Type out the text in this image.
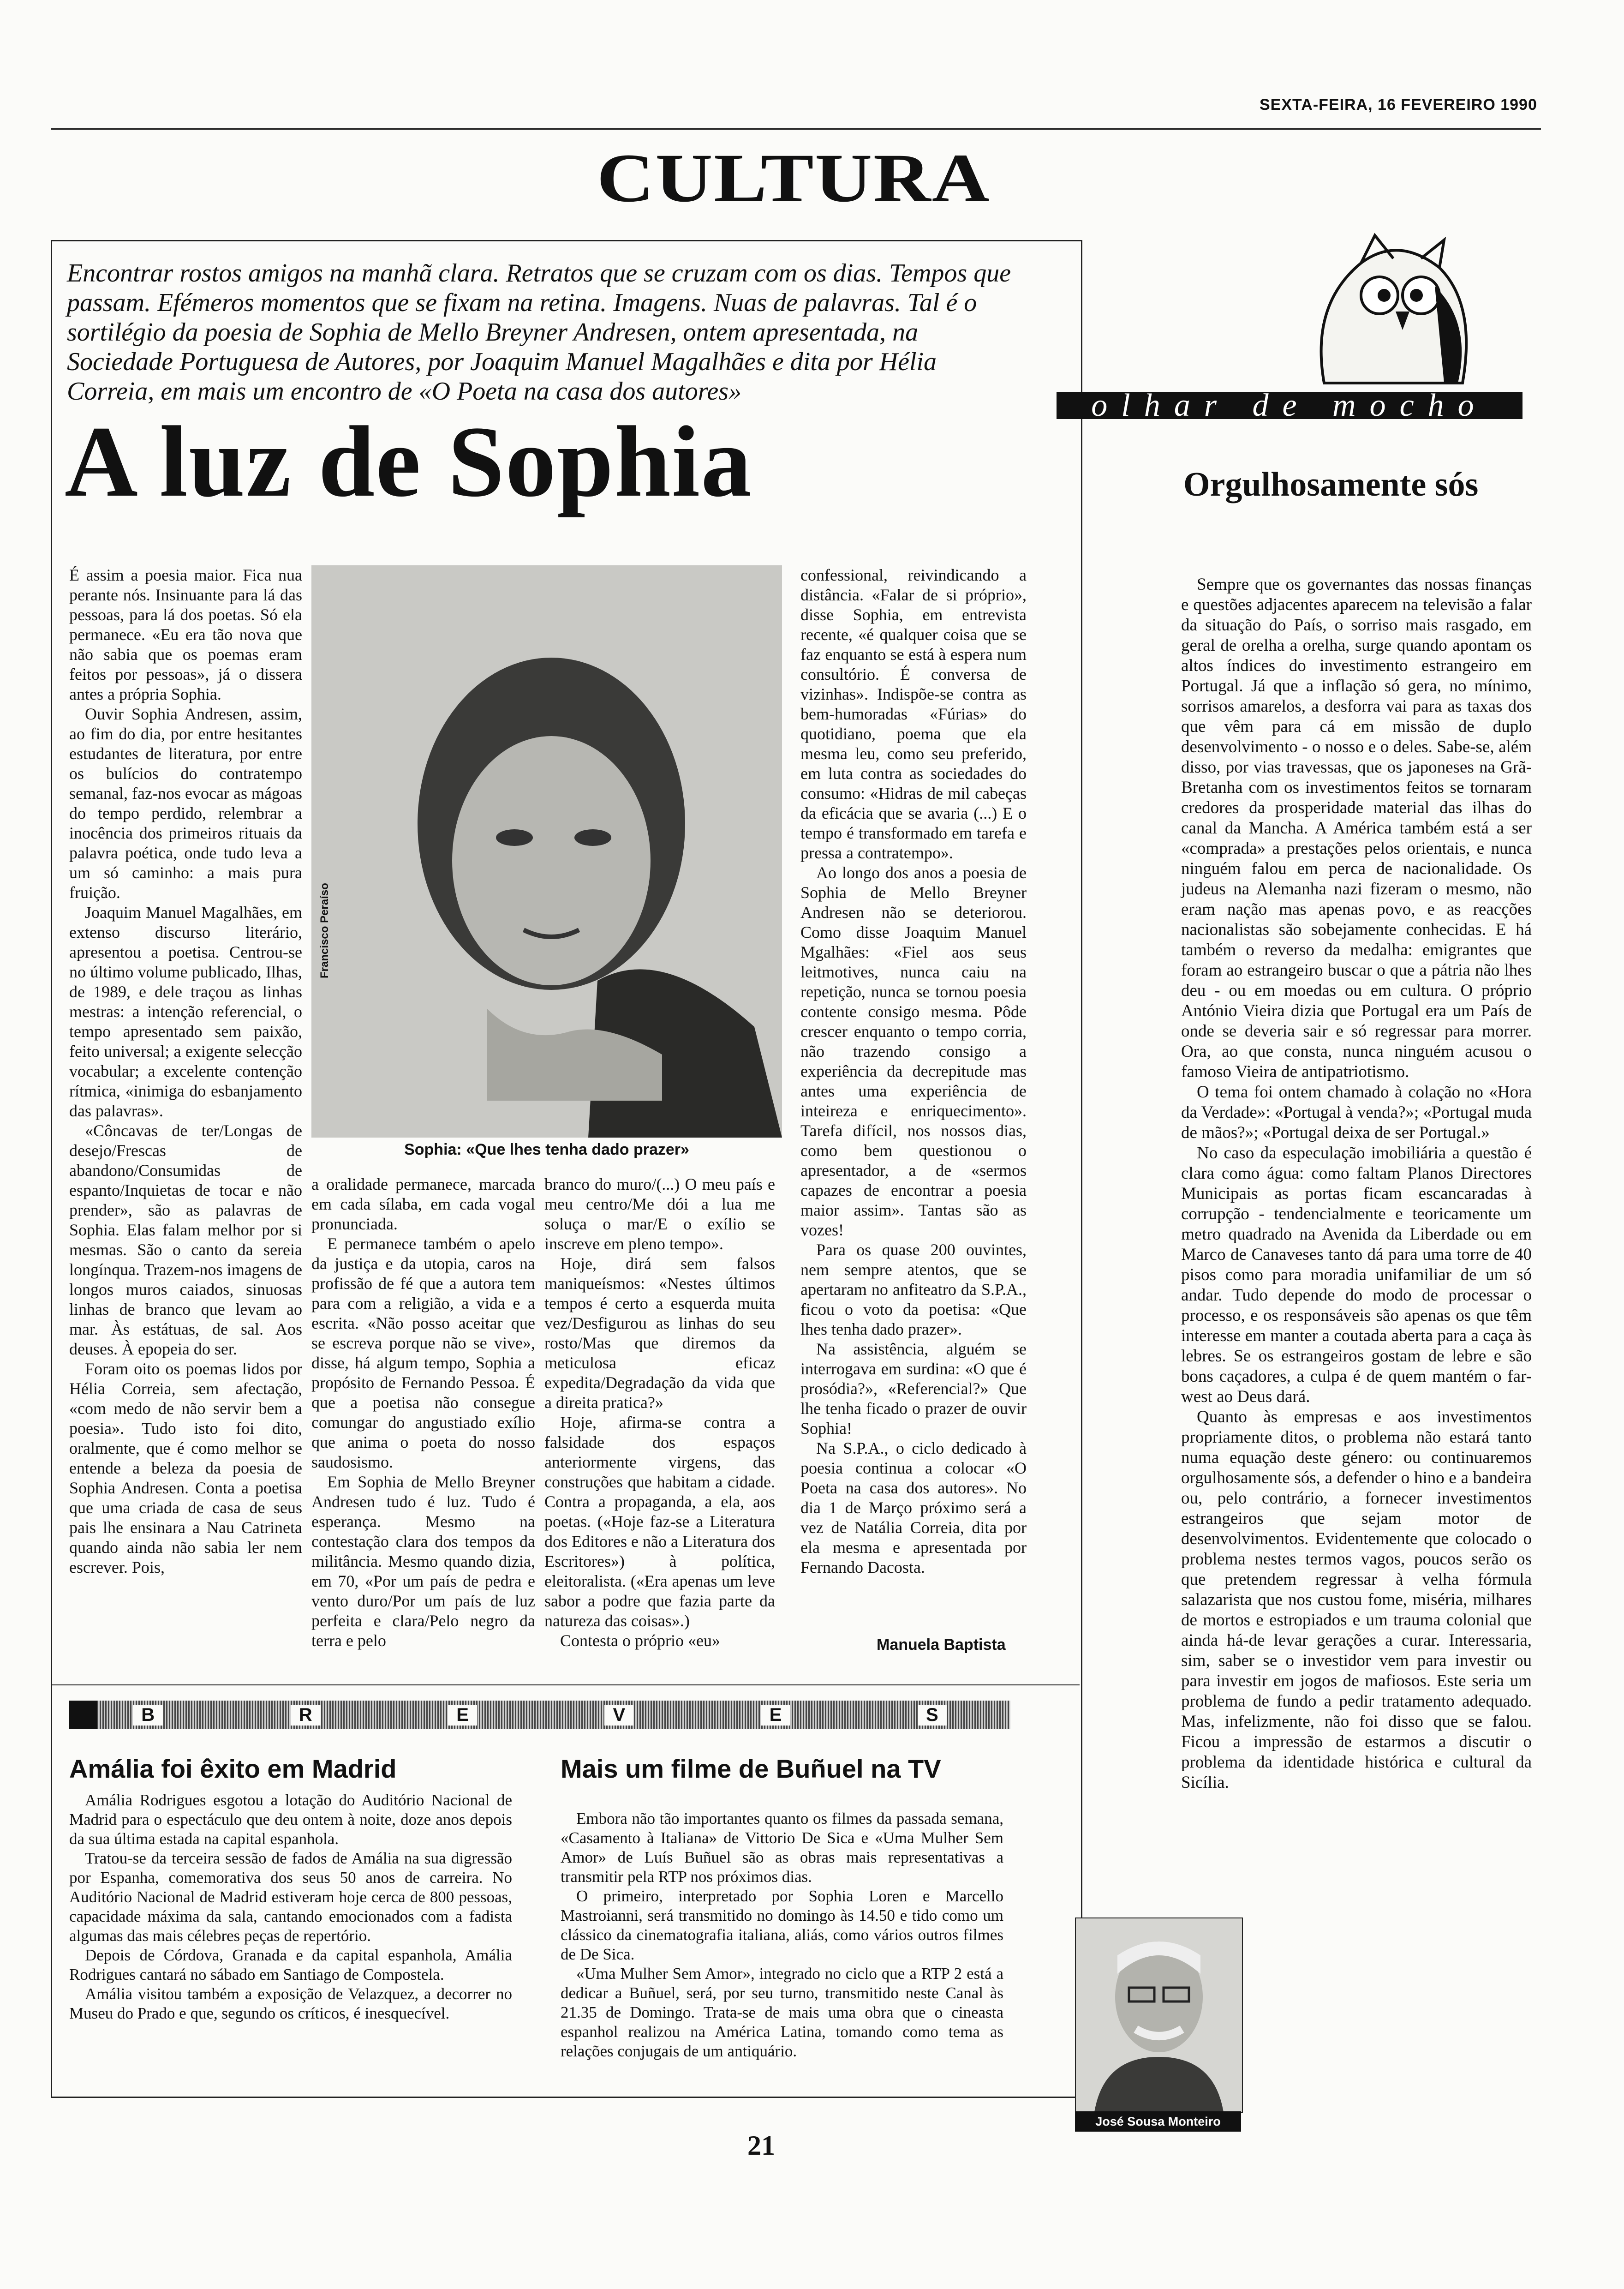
SEXTA-FEIRA, 16 FEVEREIRO 1990
CULTURA
Encontrar rostos amigos na manhã clara. Retratos que se cruzam com os dias. Tempos que passam. Efémeros momentos que se fixam na retina. Imagens. Nuas de palavras. Tal é o sortilégio da poesia de Sophia de Mello Breyner Andresen, ontem apresentada, na Sociedade Portuguesa de Autores, por Joaquim Manuel Magalhães e dita por Hélia Correia, em mais um encontro de «O Poeta na casa dos autores»
A luz de Sophia

É assim a poesia maior. Fica nua perante nós. Insinuante para lá das pessoas, para lá dos poetas. Só ela permanece. «Eu era tão nova que não sabia que os poemas eram feitos por pessoas», já o dissera antes a própria Sophia.

Ouvir Sophia Andresen, assim, ao fim do dia, por entre hesitantes estudantes de literatura, por entre os bulícios do contratempo semanal, faz-nos evocar as mágoas do tempo perdido, relembrar a inocência dos primeiros rituais da palavra poética, onde tudo leva a um só caminho: a mais pura fruição.

Joaquim Manuel Magalhães, em extenso discurso literário, apresentou a poetisa. Centrou-se no último volume publicado, Ilhas, de 1989, e dele traçou as linhas mestras: a intenção referencial, o tempo apresentado sem paixão, feito universal; a exigente selecção vocabular; a excelente contenção rítmica, «inimiga do esbanjamento das palavras».

«Côncavas de ter/Longas de desejo/Frescas de abandono/Consumidas de espanto/Inquietas de tocar e não prender», são as palavras de Sophia. Elas falam melhor por si mesmas. São o canto da sereia longínqua. Trazem-nos imagens de longos muros caiados, sinuosas linhas de branco que levam ao mar. Às estátuas, de sal. Aos deuses. À epopeia do ser.

Foram oito os poemas lidos por Hélia Correia, sem afectação, «com medo de não servir bem a poesia». Tudo isto foi dito, oralmente, que é como melhor se entende a beleza da poesia de Sophia Andresen. Conta a poetisa que uma criada de casa de seus pais lhe ensinara a Nau Catrineta quando ainda não sabia ler nem escrever. Pois,

Francisco Peraíso
Sophia: «Que lhes tenha dado prazer»

a oralidade permanece, marcada em cada sílaba, em cada vogal pronunciada.

E permanece também o apelo da justiça e da utopia, caros na profissão de fé que a autora tem para com a religião, a vida e a escrita. «Não posso aceitar que se escreva porque não se vive», disse, há algum tempo, Sophia a propósito de Fernando Pessoa. É que a poetisa não consegue comungar do angustiado exílio que anima o poeta do nosso saudosismo.

Em Sophia de Mello Breyner Andresen tudo é luz. Tudo é esperança. Mesmo na contestação clara dos tempos da militância. Mesmo quando dizia, em 70, «Por um país de pedra e vento duro/Por um país de luz perfeita e clara/Pelo negro da terra e pelo

branco do muro/(...) O meu país e meu centro/Me dói a lua me soluça o mar/E o exílio se inscreve em pleno tempo».

Hoje, dirá sem falsos maniqueísmos: «Nestes últimos tempos é certo a esquerda muita vez/Desfigurou as linhas do seu rosto/Mas que diremos da meticulosa eficaz expedita/Degradação da vida que a direita pratica?»

Hoje, afirma-se contra a falsidade dos espaços anteriormente virgens, das construções que habitam a cidade. Contra a propaganda, a ela, aos poetas. («Hoje faz-se a Literatura dos Editores e não a Literatura dos Escritores») à política, eleitoralista. («Era apenas um leve sabor a podre que fazia parte da natureza das coisas».)

Contesta o próprio «eu»

confessional, reivindicando a distância. «Falar de si próprio», disse Sophia, em entrevista recente, «é qualquer coisa que se faz enquanto se está à espera num consultório. É conversa de vizinhas». Indispõe-se contra as bem-humoradas «Fúrias» do quotidiano, poema que ela mesma leu, como seu preferido, em luta contra as sociedades do consumo: «Hidras de mil cabeças da eficácia que se avaria (...) E o tempo é transformado em tarefa e pressa a contratempo».

Ao longo dos anos a poesia de Sophia de Mello Breyner Andresen não se deteriorou. Como disse Joaquim Manuel Mgalhães: «Fiel aos seus leitmotives, nunca caiu na repetição, nunca se tornou poesia contente consigo mesma. Pôde crescer enquanto o tempo corria, não trazendo consigo a experiência da decrepitude mas antes uma experiência de inteireza e enriquecimento». Tarefa difícil, nos nossos dias, como bem questionou o apresentador, a de «sermos capazes de encontrar a poesia maior assim». Tantas são as vozes!

Para os quase 200 ouvintes, nem sempre atentos, que se apertaram no anfiteatro da S.P.A., ficou o voto da poetisa: «Que lhes tenha dado prazer».

Na assistência, alguém se interrogava em surdina: «O que é prosódia?», «Referencial?» Que lhe tenha ficado o prazer de ouvir Sophia!

Na S.P.A., o ciclo dedicado à poesia continua a colocar «O Poeta na casa dos autores». No dia 1 de Março próximo será a vez de Natália Correia, dita por ela mesma e apresentada por Fernando Dacosta.

Manuela Baptista
B	R	E	V	E	S
Amália foi êxito em Madrid

Amália Rodrigues esgotou a lotação do Auditório Nacional de Madrid para o espectáculo que deu ontem à noite, doze anos depois da sua última estada na capital espanhola.

Tratou-se da terceira sessão de fados de Amália na sua digressão por Espanha, comemorativa dos seus 50 anos de carreira. No Auditório Nacional de Madrid estiveram hoje cerca de 800 pessoas, capacidade máxima da sala, cantando emocionados com a fadista algumas das mais célebres peças de repertório.

Depois de Córdova, Granada e da capital espanhola, Amália Rodrigues cantará no sábado em Santiago de Compostela.

Amália visitou também a exposição de Velazquez, a decorrer no Museu do Prado e que, segundo os críticos, é inesquecível.

Mais um filme de Buñuel na TV

Embora não tão importantes quanto os filmes da passada semana, «Casamento à Italiana» de Vittorio De Sica e «Uma Mulher Sem Amor» de Luís Buñuel são as obras mais representativas a transmitir pela RTP nos próximos dias.

O primeiro, interpretado por Sophia Loren e Marcello Mastroianni, será transmitido no domingo às 14.50 e tido como um clássico da cinematografia italiana, aliás, como vários outros filmes de De Sica.

«Uma Mulher Sem Amor», integrado no ciclo que a RTP 2 está a dedicar a Buñuel, será, por seu turno, transmitido neste Canal às 21.35 de Domingo. Trata-se de mais uma obra que o cineasta espanhol realizou na América Latina, tomando como tema as relações conjugais de um antiquário.

olhar de mocho
Orgulhosamente sós

Sempre que os governantes das nossas finanças e questões adjacentes aparecem na televisão a falar da situação do País, o sorriso mais rasgado, em geral de orelha a orelha, surge quando apontam os altos índices do investimento estrangeiro em Portugal. Já que a inflação só gera, no mínimo, sorrisos amarelos, a desforra vai para as taxas dos que vêm para cá em missão de duplo desenvolvimento - o nosso e o deles. Sabe-se, além disso, por vias travessas, que os japoneses na Grã-Bretanha com os investimentos feitos se tornaram credores da prosperidade material das ilhas do canal da Mancha. A América também está a ser «comprada» a prestações pelos orientais, e nunca ninguém falou em perca de nacionalidade. Os judeus na Alemanha nazi fizeram o mesmo, não eram nação mas apenas povo, e as reacções nacionalistas são sobejamente conhecidas. E há também o reverso da medalha: emigrantes que foram ao estrangeiro buscar o que a pátria não lhes deu - ou em moedas ou em cultura. O próprio António Vieira dizia que Portugal era um País de onde se deveria sair e só regressar para morrer. Ora, ao que consta, nunca ninguém acusou o famoso Vieira de antipatriotismo.

O tema foi ontem chamado à colação no «Hora da Verdade»: «Portugal à venda?»; «Portugal muda de mãos?»; «Portugal deixa de ser Portugal.»

No caso da especulação imobiliária a questão é clara como água: como faltam Planos Directores Municipais as portas ficam escancaradas à corrupção - tendencialmente e teoricamente um metro quadrado na Avenida da Liberdade ou em Marco de Canaveses tanto dá para uma torre de 40 pisos como para moradia unifamiliar de um só andar. Tudo depende do modo de processar o processo, e os responsáveis são apenas os que têm interesse em manter a coutada aberta para a caça às lebres. Se os estrangeiros gostam de lebre e são bons caçadores, a culpa é de quem mantém o far-west ao Deus dará.

Quanto às empresas e aos investimentos propriamente ditos, o problema não estará tanto numa equação deste género: ou continuaremos orgulhosamente sós, a defender o hino e a bandeira ou, pelo contrário, a fornecer investimentos estrangeiros que sejam motor de desenvolvimentos. Evidentemente que colocado o problema nestes termos vagos, poucos serão os que pretendem regressar à velha fórmula salazarista que nos custou fome, miséria, milhares de mortos e estropiados e um trauma colonial que ainda há-de levar gerações a curar. Interessaria, sim, saber se o investidor vem para investir ou para investir em jogos de mafiosos. Este seria um problema de fundo a pedir tratamento adequado. Mas, infelizmente, não foi disso que se falou. Ficou a impressão de estarmos a discutir o problema da identidade histórica e cultural da Sicília.

José Sousa Monteiro
21
